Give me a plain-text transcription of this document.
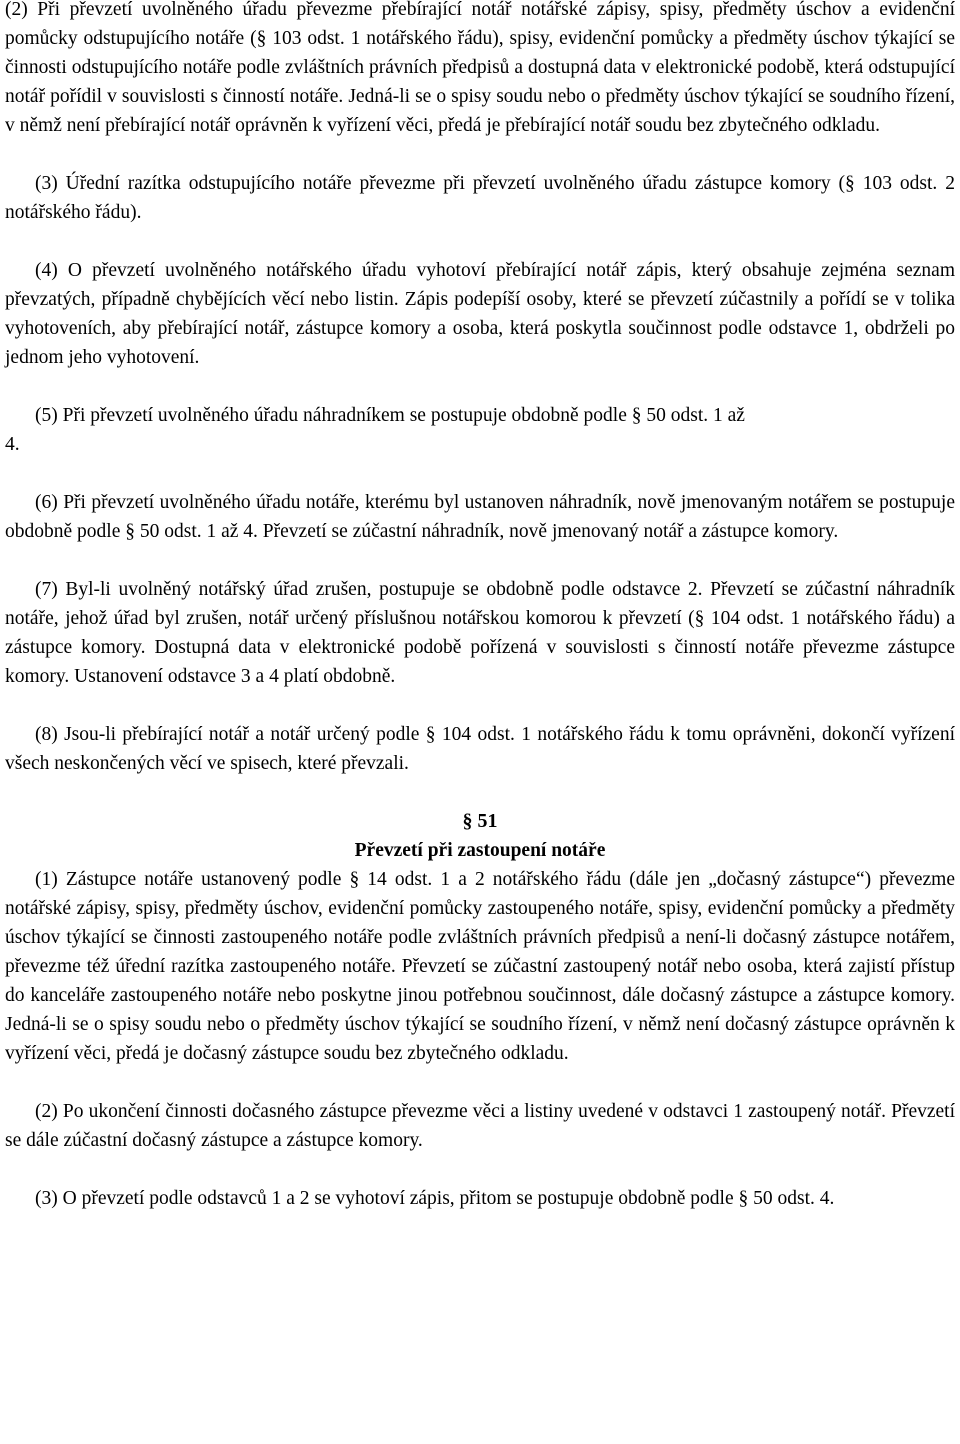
(2) Při převzetí uvolněného úřadu převezme přebírající notář notářské zápisy, spisy, předměty úschov a evidenční pomůcky odstupujícího notáře (§ 103 odst. 1 notářského řádu), spisy, evidenční pomůcky a předměty úschov týkající se činnosti odstupujícího notáře podle zvláštních právních předpisů a dostupná data v elektronické podobě, která odstupující notář pořídil v souvislosti s činností notáře. Jedná-li se o spisy soudu nebo o předměty úschov týkající se soudního řízení, v němž není přebírající notář oprávněn k vyřízení věci, předá je přebírající notář soudu bez zbytečného odkladu.

(3) Úřední razítka odstupujícího notáře převezme při převzetí uvolněného úřadu zástupce komory (§ 103 odst. 2 notářského řádu).

(4) O převzetí uvolněného notářského úřadu vyhotoví přebírající notář zápis, který obsahuje zejména seznam převzatých, případně chybějících věcí nebo listin. Zápis podepíší osoby, které se převzetí zúčastnily a pořídí se v tolika vyhotoveních, aby přebírající notář, zástupce komory a osoba, která poskytla součinnost podle odstavce 1, obdrželi po jednom jeho vyhotovení.

(5) Při převzetí uvolněného úřadu náhradníkem se postupuje obdobně podle § 50 odst. 1 až

4.

(6) Při převzetí uvolněného úřadu notáře, kterému byl ustanoven náhradník, nově jmenovaným notářem se postupuje obdobně podle § 50 odst. 1 až 4. Převzetí se zúčastní náhradník, nově jmenovaný notář a zástupce komory.

(7) Byl-li uvolněný notářský úřad zrušen, postupuje se obdobně podle odstavce 2. Převzetí se zúčastní náhradník notáře, jehož úřad byl zrušen, notář určený příslušnou notářskou komorou k převzetí (§ 104 odst. 1 notářského řádu) a zástupce komory. Dostupná data v elektronické podobě pořízená v souvislosti s činností notáře převezme zástupce komory. Ustanovení odstavce 3 a 4 platí obdobně.

(8) Jsou-li přebírající notář a notář určený podle § 104 odst. 1 notářského řádu k tomu oprávněni, dokončí vyřízení všech neskončených věcí ve spisech, které převzali.

§ 51

Převzetí při zastoupení notáře

(1) Zástupce notáře ustanovený podle § 14 odst. 1 a 2 notářského řádu (dále jen „dočasný zástupce“) převezme notářské zápisy, spisy, předměty úschov, evidenční pomůcky zastoupeného notáře, spisy, evidenční pomůcky a předměty úschov týkající se činnosti zastoupeného notáře podle zvláštních právních předpisů a není-li dočasný zástupce notářem, převezme též úřední razítka zastoupeného notáře. Převzetí se zúčastní zastoupený notář nebo osoba, která zajistí přístup do kanceláře zastoupeného notáře nebo poskytne jinou potřebnou součinnost, dále dočasný zástupce a zástupce komory. Jedná-li se o spisy soudu nebo o předměty úschov týkající se soudního řízení, v němž není dočasný zástupce oprávněn k vyřízení věci, předá je dočasný zástupce soudu bez zbytečného odkladu.

(2) Po ukončení činnosti dočasného zástupce převezme věci a listiny uvedené v odstavci 1 zastoupený notář. Převzetí se dále zúčastní dočasný zástupce a zástupce komory.

(3) O převzetí podle odstavců 1 a 2 se vyhotoví zápis, přitom se postupuje obdobně podle § 50 odst. 4.
